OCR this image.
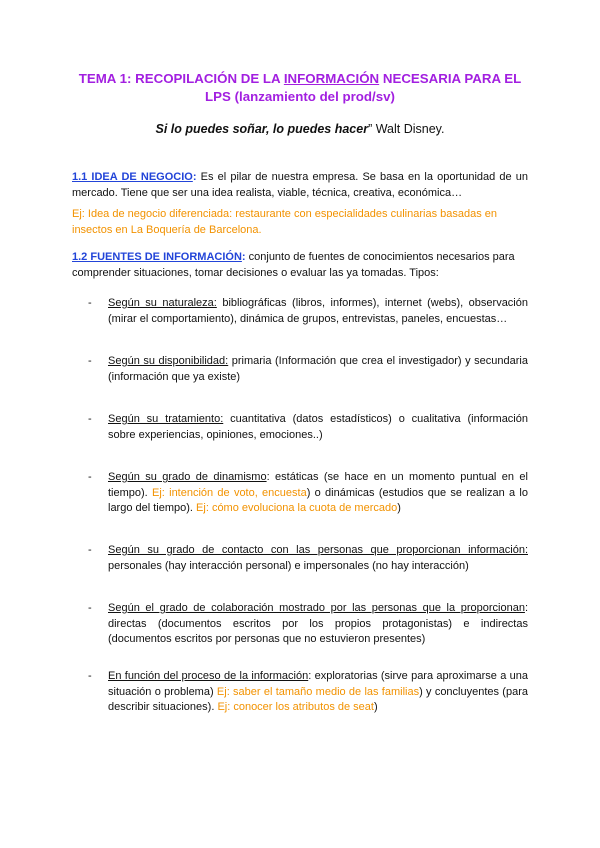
TEMA 1: RECOPILACIÓN DE LA INFORMACIÓN NECESARIA PARA EL
LPS (lanzamiento del prod/sv)
Si lo puedes soñar, lo puedes hacer” Walt Disney.
1.1 IDEA DE NEGOCIO: Es el pilar de nuestra empresa. Se basa en la oportunidad de un mercado. Tiene que ser una idea realista, viable, técnica, creativa, económica…
Ej: Idea de negocio diferenciada: restaurante con especialidades culinarias basadas en insectos en La Boquería de Barcelona.
1.2 FUENTES DE INFORMACIÓN: conjunto de fuentes de conocimientos necesarios para comprender situaciones, tomar decisiones o evaluar las ya tomadas. Tipos:
- Según su naturaleza: bibliográficas (libros, informes), internet (webs), observación (mirar el comportamiento), dinámica de grupos, entrevistas, paneles, encuestas…
- Según su disponibilidad: primaria (Información que crea el investigador) y secundaria (información que ya existe)
- Según su tratamiento: cuantitativa (datos estadísticos) o cualitativa (información sobre experiencias, opiniones, emociones..)
- Según su grado de dinamismo: estáticas (se hace en un momento puntual en el tiempo). Ej: intención de voto, encuesta) o dinámicas (estudios que se realizan a lo largo del tiempo). Ej: cómo evoluciona la cuota de mercado)
- Según su grado de contacto con las personas que proporcionan información: personales (hay interacción personal) e impersonales (no hay interacción)
- Según el grado de colaboración mostrado por las personas que la proporcionan: directas (documentos escritos por los propios protagonistas) e indirectas (documentos escritos por personas que no estuvieron presentes)
- En función del proceso de la información: exploratorias (sirve para aproximarse a una situación o problema) Ej: saber el tamaño medio de las familias) y concluyentes (para describir situaciones). Ej: conocer los atributos de seat)
